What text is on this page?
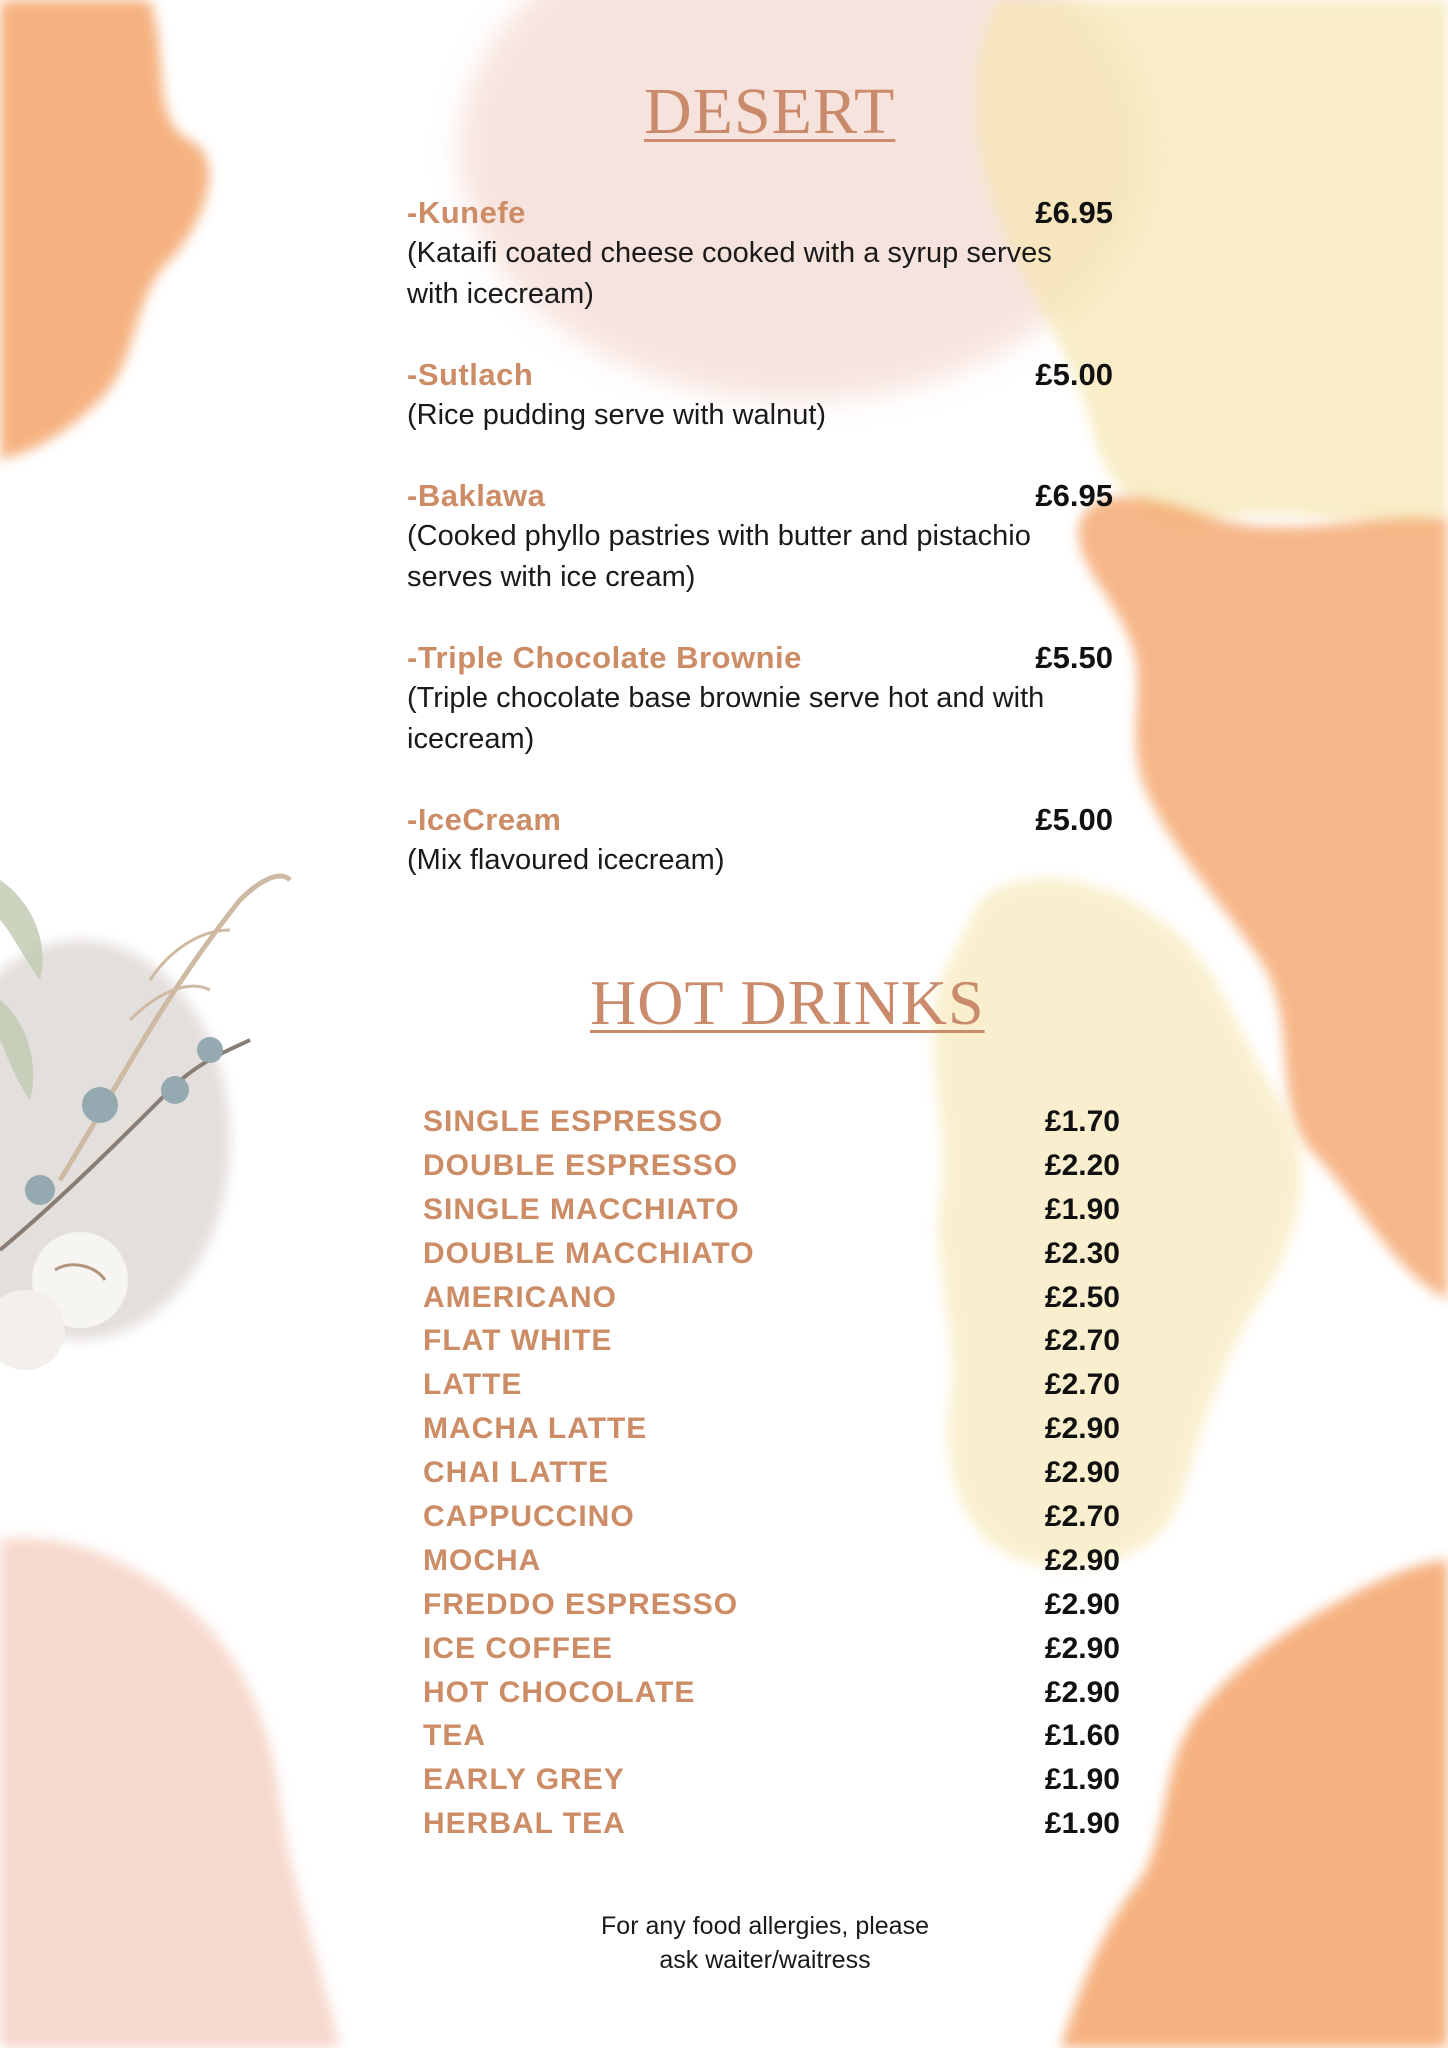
DESERT
-Kunefe	£6.95
(Kataifi coated cheese cooked with a syrup serves with icecream)
-Sutlach	£5.00
(Rice pudding serve with walnut)
-Baklawa	£6.95
(Cooked phyllo pastries with butter and pistachio serves with ice cream)
-Triple Chocolate Brownie	£5.50
(Triple chocolate base brownie serve hot and with icecream)
-IceCream	£5.00
(Mix flavoured icecream)
HOT DRINKS
SINGLE ESPRESSO	£1.70
DOUBLE ESPRESSO	£2.20
SINGLE MACCHIATO	£1.90
DOUBLE MACCHIATO	£2.30
AMERICANO	£2.50
FLAT WHITE	£2.70
LATTE	£2.70
MACHA LATTE	£2.90
CHAI LATTE	£2.90
CAPPUCCINO	£2.70
MOCHA	£2.90
FREDDO ESPRESSO	£2.90
ICE COFFEE	£2.90
HOT CHOCOLATE	£2.90
TEA	£1.60
EARLY GREY	£1.90
HERBAL TEA	£1.90

For any food allergies, please
ask waiter/waitress
